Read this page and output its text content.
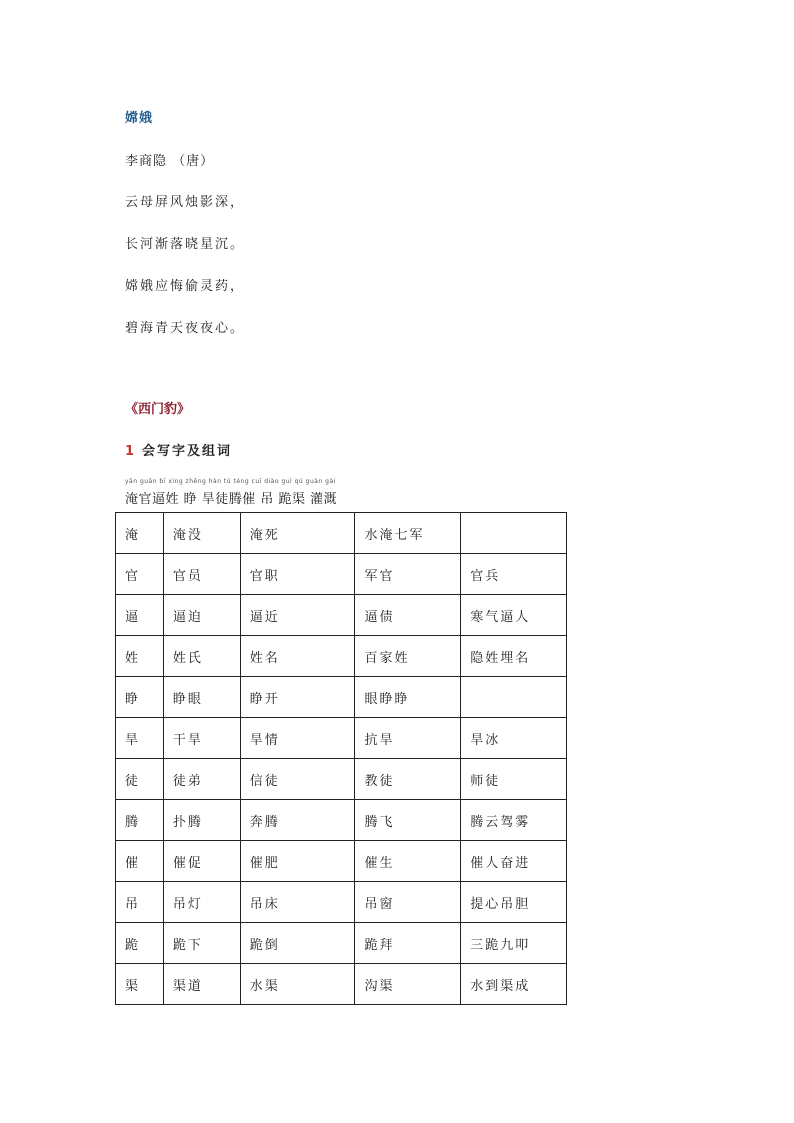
嫦娥
李商隐 （唐）
云母屏风烛影深，
长河渐落晓星沉。
嫦娥应悔偷灵药，
碧海青天夜夜心。
《西门豹》
1 会写字及组词
yān guān bī xìng zhēng hàn tú téng cuī diào guì qú guàn gài
淹官逼姓 睁 旱徒腾催 吊 跪渠 灌溉
淹	淹没	淹死	水淹七军	
官	官员	官职	军官	官兵
逼	逼迫	逼近	逼债	寒气逼人
姓	姓氏	姓名	百家姓	隐姓埋名
睁	睁眼	睁开	眼睁睁	
旱	干旱	旱情	抗旱	旱冰
徒	徒弟	信徒	教徒	师徒
腾	扑腾	奔腾	腾飞	腾云驾雾
催	催促	催肥	催生	催人奋进
吊	吊灯	吊床	吊窗	提心吊胆
跪	跪下	跪倒	跪拜	三跪九叩
渠	渠道	水渠	沟渠	水到渠成
